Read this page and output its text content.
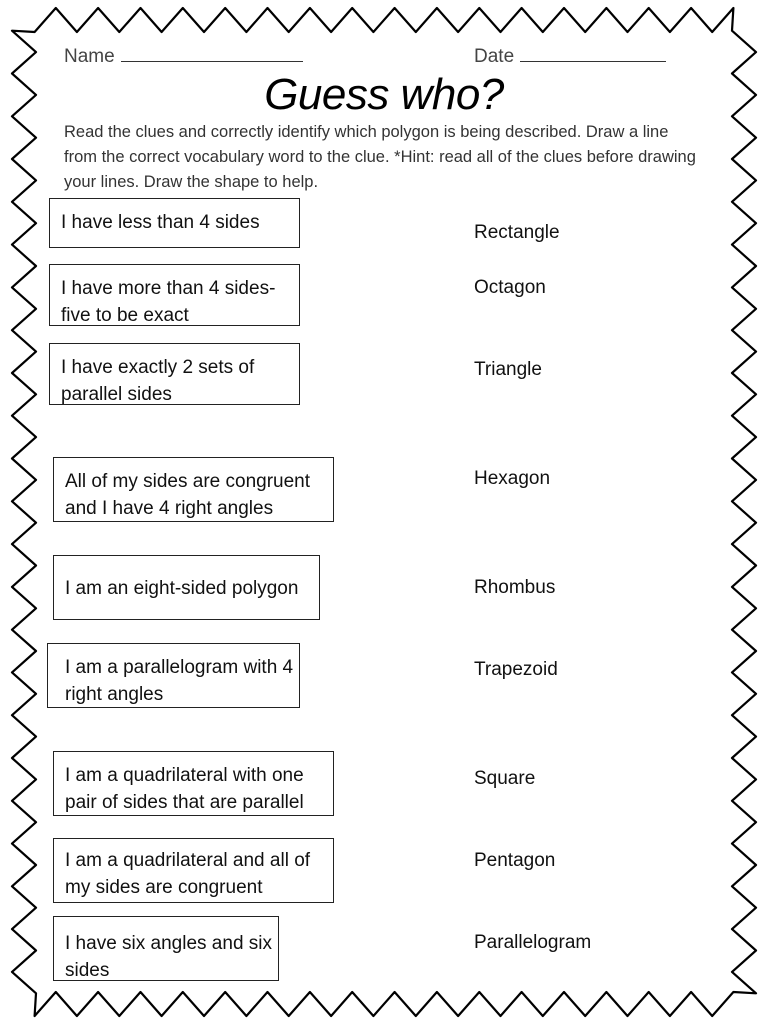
Name	Date
Guess who?

Read the clues and correctly identify which polygon is being described. Draw a line from the correct vocabulary word to the clue. *Hint: read all of the clues before drawing your lines. Draw the shape to help.

I have less than 4 sides
I have more than 4 sides- five to be exact
I have exactly 2 sets of parallel sides
All of my sides are congruent and I have 4 right angles
I am an eight-sided polygon
I am a parallelogram with 4 right angles
I am a quadrilateral with one pair of sides that are parallel
I am a quadrilateral and all of my sides are congruent
I have six angles and six sides
Rectangle
Octagon
Triangle
Hexagon
Rhombus
Trapezoid
Square
Pentagon
Parallelogram
